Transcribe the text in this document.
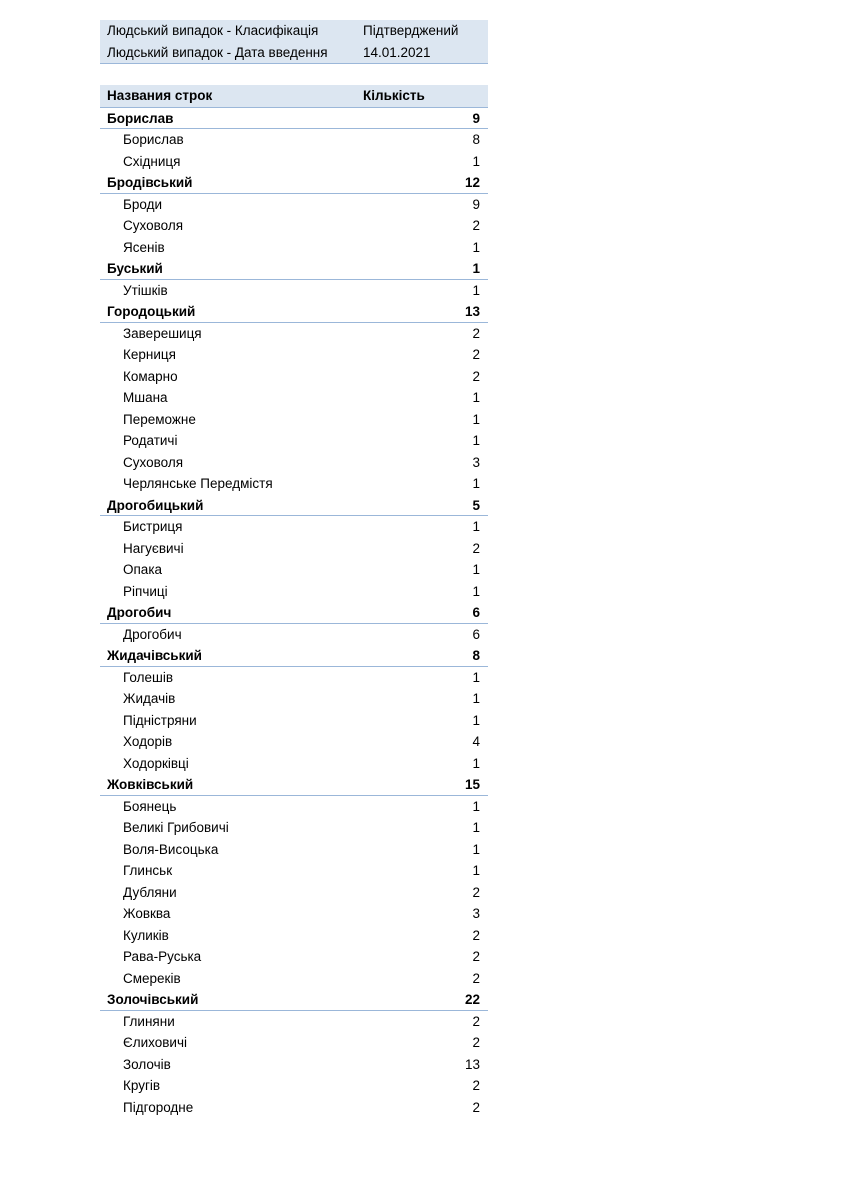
Людський випадок - Класифікація	Підтверджений
Людський випадок - Дата введення	14.01.2021
Названия строк	Кількість
Борислав	9
Борислав	8
Східниця	1
Бродівський	12
Броди	9
Суховоля	2
Ясенів	1
Буський	1
Утішків	1
Городоцький	13
Заверешиця	2
Керниця	2
Комарно	2
Мшана	1
Переможне	1
Родатичі	1
Суховоля	3
Черлянське Передмістя	1
Дрогобицький	5
Бистриця	1
Нагуєвичі	2
Опака	1
Ріпчиці	1
Дрогобич	6
Дрогобич	6
Жидачівський	8
Голешів	1
Жидачів	1
Підністряни	1
Ходорів	4
Ходорківці	1
Жовківський	15
Боянець	1
Великі Грибовичі	1
Воля-Висоцька	1
Глинськ	1
Дубляни	2
Жовква	3
Куликів	2
Рава-Руська	2
Смереків	2
Золочівський	22
Глиняни	2
Єлиховичі	2
Золочів	13
Кругів	2
Підгородне	2
